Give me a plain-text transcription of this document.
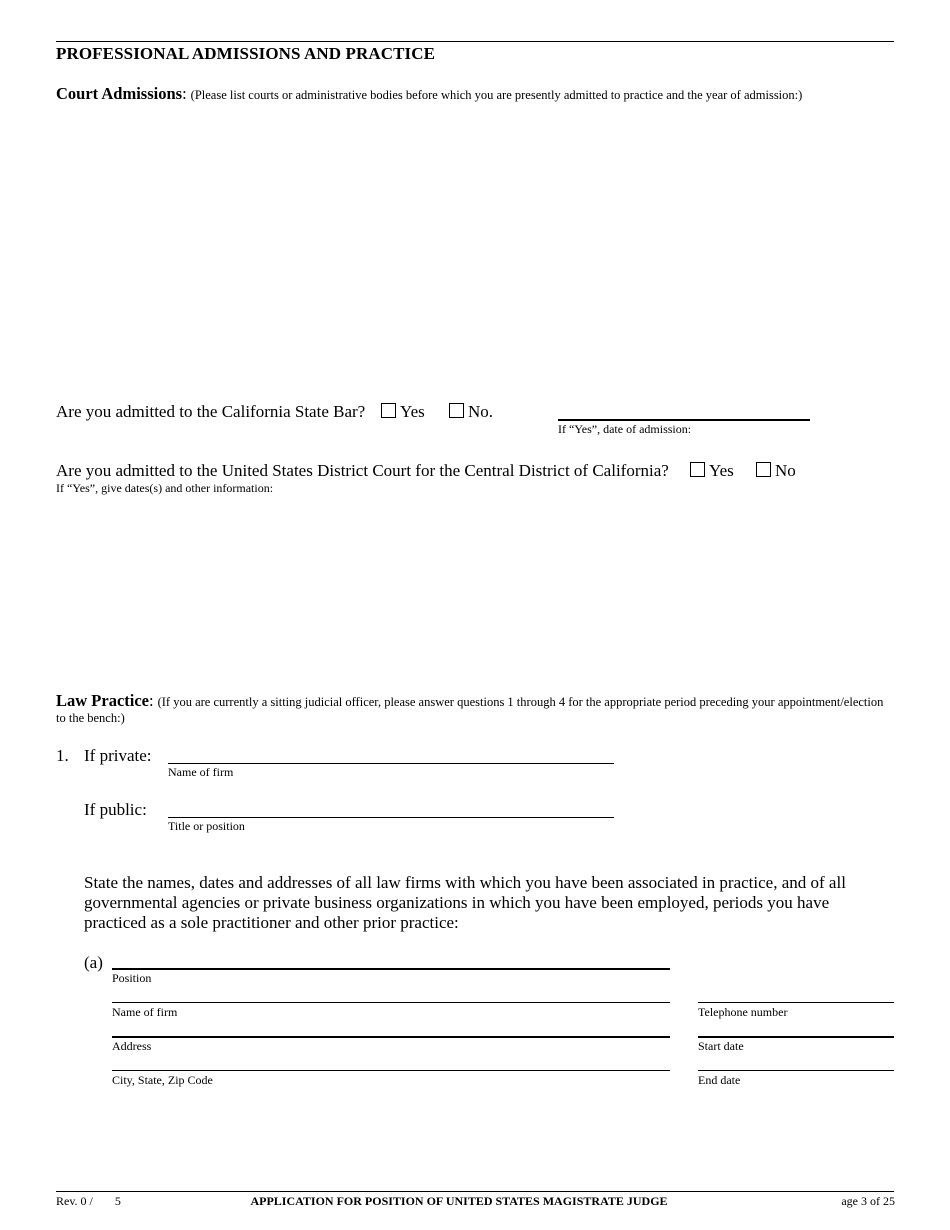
PROFESSIONAL ADMISSIONS AND PRACTICE
Court Admissions: (Please list courts or administrative bodies before which you are presently admitted to practice and the year of admission:)
Are you admitted to the California State Bar?	Yes	No.
If “Yes”, date of admission:
Are you admitted to the United States District Court for the Central District of California?	Yes	No
If “Yes”, give dates(s) and other information:
Law Practice: (If you are currently a sitting judicial officer, please answer questions 1 through 4 for the appropriate period preceding your appointment/election to the bench:)
1. If private:
Name of firm
If public:
Title or position
State the names, dates and addresses of all law firms with which you have been associated in practice, and of all governmental agencies or private business organizations in which you have been employed, periods you have practiced as a sole practitioner and other prior practice:
(a)
Position
Name of firm	Telephone number
Address	Start date
City, State, Zip Code	End date
Rev. 0 / 5	APPLICATION FOR POSITION OF UNITED STATES MAGISTRATE JUDGE	age 3 of 25
